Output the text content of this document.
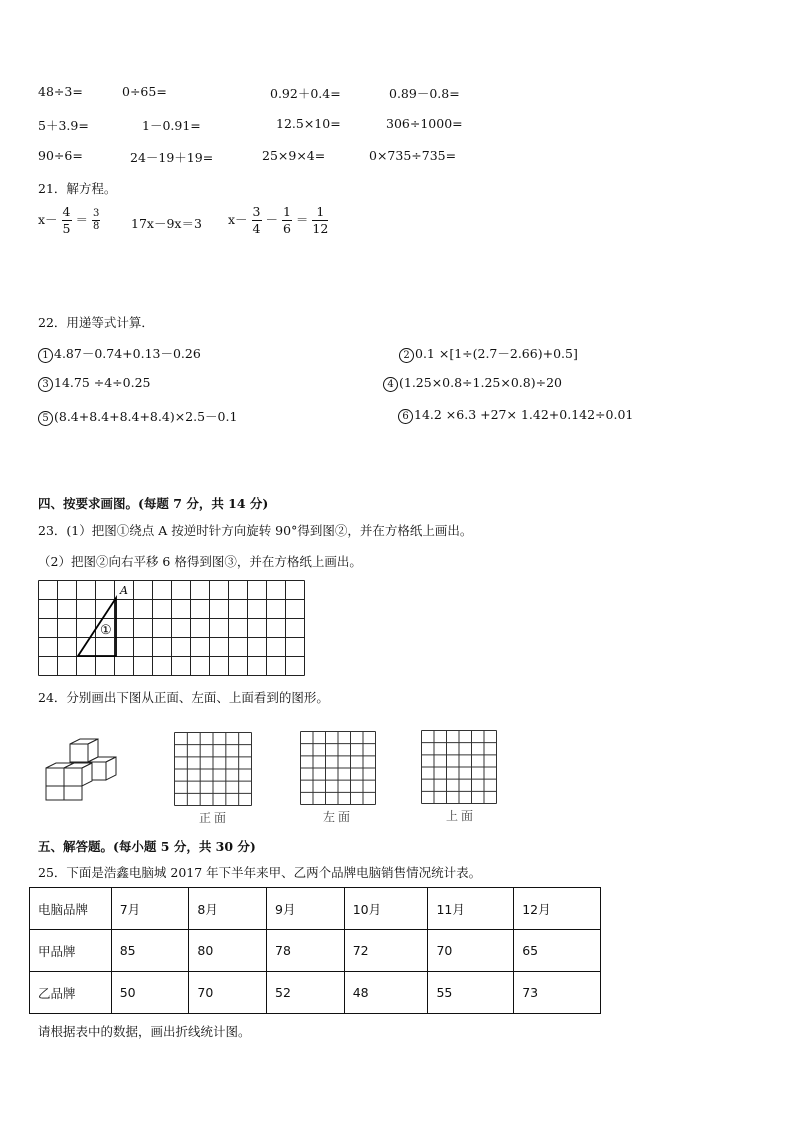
48÷3=	0÷65=	0.92＋0.4=	0.89－0.8=
5＋3.9=	1－0.91=	12.5×10=	306÷1000=
90÷6=	24－19＋19=	25×9×4=	0×735÷735=
21．解方程。
$x- \frac{4}{5} = \frac{3}{8} 17x-9x=3$ $x- \frac{3}{4} - \frac{1}{6} = \frac{1}{12}$
22．用递等式计算．
1 4.87－0.74+0.13－0.26	2 0.1 ×[1÷(2.7－2.66)+0.5]
3 14.75 ÷4÷0.25	4 (1.25×0.8÷1.25×0.8)÷20
5 (8.4+8.4+8.4+8.4)×2.5－0.1	6 14.2 ×6.3 +27× 1.42+0.142÷0.01
四、按要求画图。(每题 7 分，共 14 分)
23．(1）把图①绕点 A 按逆时针方向旋转 90°得到图②，并在方格纸上画出。
（2）把图②向右平移 6 格得到图③，并在方格纸上画出。
A
①
24．分别画出下图从正面、左面、上面看到的图形。
正面	左面	上面
五、解答题。(每小题 5 分，共 30 分)
25．下面是浩鑫电脑城 2017 年下半年来甲、乙两个品牌电脑销售情况统计表。
电脑品牌	7月	8月	9月	10月	11月	12月
甲品牌	85	80	78	72	70	65
乙品牌	50	70	52	48	55	73
请根据表中的数据，画出折线统计图。
